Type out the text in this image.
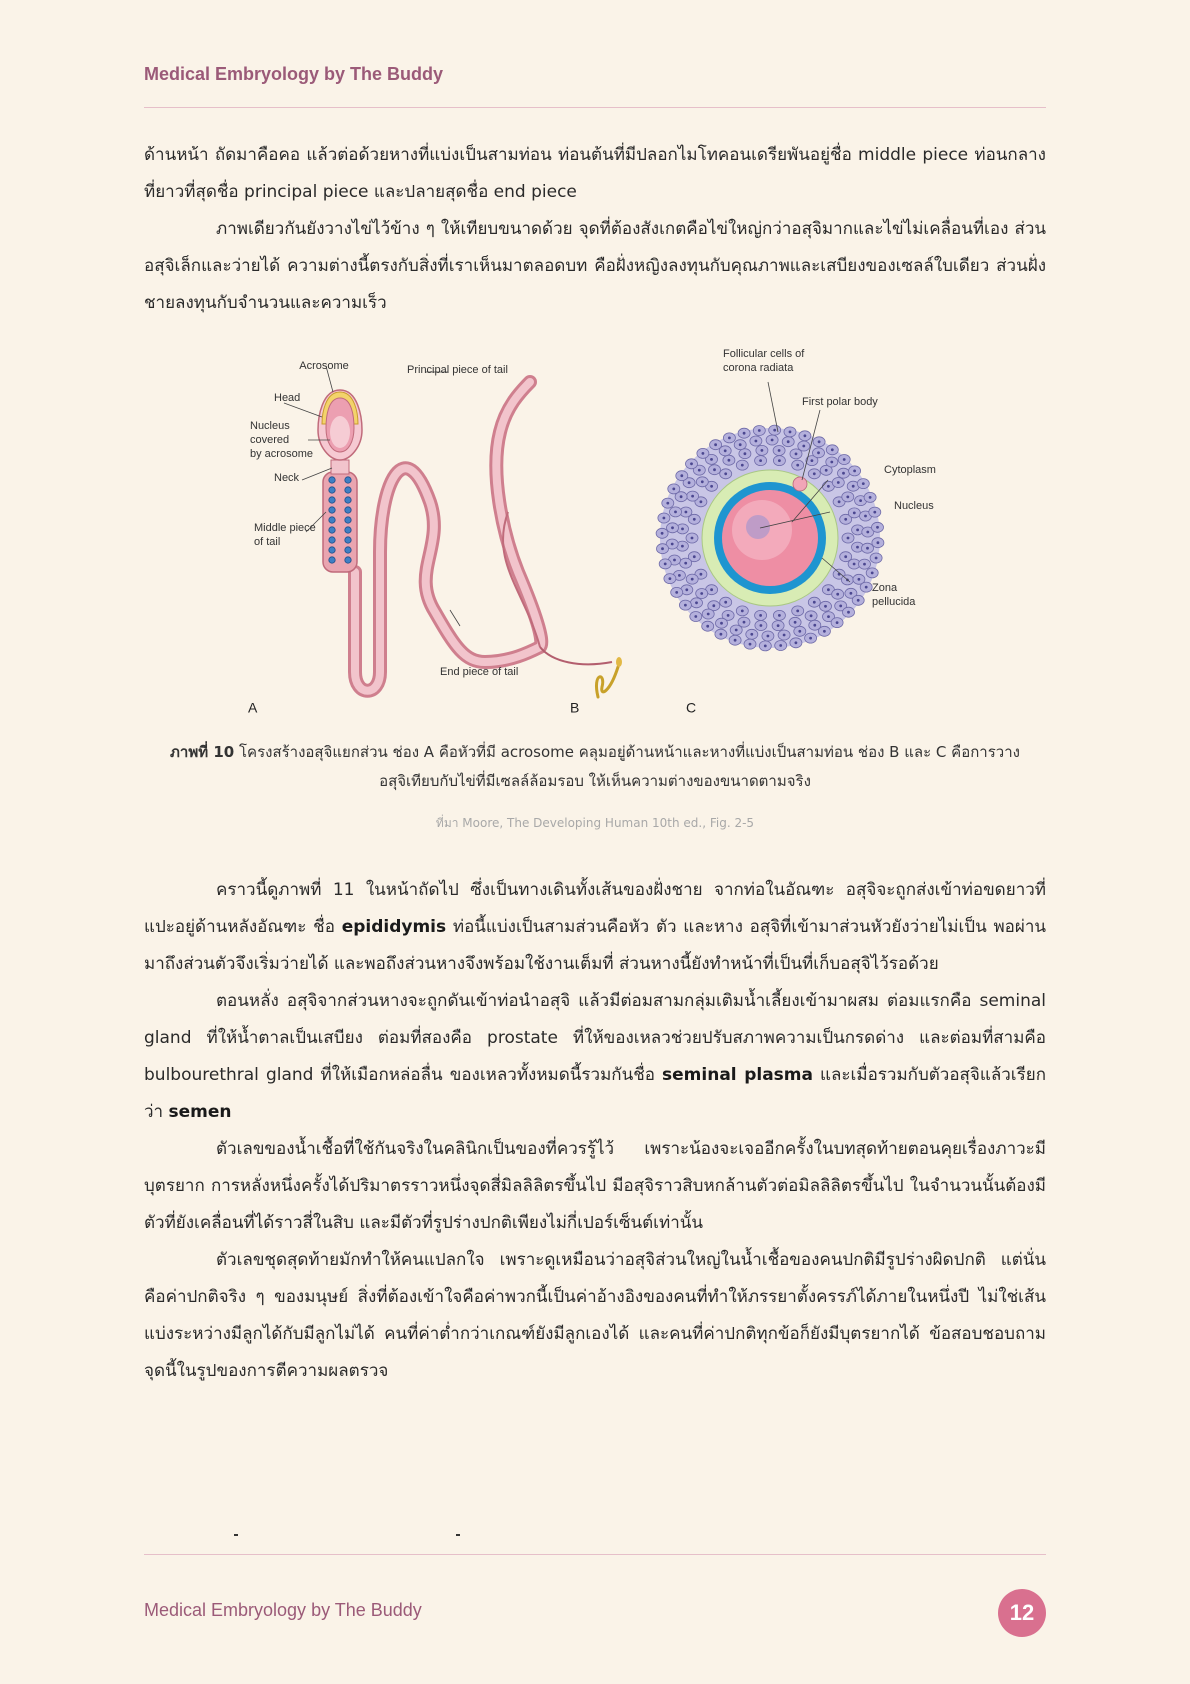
Medical Embryology by The Buddy

ด้านหน้า ถัดมาคือคอ แล้วต่อด้วยหางที่แบ่งเป็นสามท่อน ท่อนต้นที่มีปลอกไมโทคอนเดรียพันอยู่ชื่อ middle piece ท่อนกลางที่ยาวที่สุดชื่อ principal piece และปลายสุดชื่อ end piece

ภาพเดียวกันยังวางไข่ไว้ข้าง ๆ ให้เทียบขนาดด้วย จุดที่ต้องสังเกตคือไข่ใหญ่กว่าอสุจิมากและไข่ไม่เคลื่อนที่เอง ส่วนอสุจิเล็กและว่ายได้ ความต่างนี้ตรงกับสิ่งที่เราเห็นมาตลอดบท คือฝั่งหญิงลงทุนกับคุณภาพและเสบียงของเซลล์ใบเดียว ส่วนฝั่งชายลงทุนกับจำนวนและความเร็ว

Acrosome	Principal piece of tail
Head
Nucleus
covered
by acrosome
Neck
Middle piece
of tail
End piece of tail
A	B
Follicular cells of
corona radiata
First polar body
Cytoplasm
Nucleus
Zona
pellucida
C
ภาพที่ 10 โครงสร้างอสุจิแยกส่วน ช่อง A คือหัวที่มี acrosome คลุมอยู่ด้านหน้าและหางที่แบ่งเป็นสามท่อน ช่อง B และ C คือการวางอสุจิเทียบกับไข่ที่มีเซลล์ล้อมรอบ ให้เห็นความต่างของขนาดตามจริง
ที่มา Moore, The Developing Human 10th ed., Fig. 2-5

คราวนี้ดูภาพที่ 11 ในหน้าถัดไป ซึ่งเป็นทางเดินทั้งเส้นของฝั่งชาย จากท่อในอัณฑะ อสุจิจะถูกส่งเข้าท่อขดยาวที่แปะอยู่ด้านหลังอัณฑะ ชื่อ epididymis ท่อนี้แบ่งเป็นสามส่วนคือหัว ตัว และหาง อสุจิที่เข้ามาส่วนหัวยังว่ายไม่เป็น พอผ่านมาถึงส่วนตัวจึงเริ่มว่ายได้ และพอถึงส่วนหางจึงพร้อมใช้งานเต็มที่ ส่วนหางนี้ยังทำหน้าที่เป็นที่เก็บอสุจิไว้รอด้วย

ตอนหลั่ง อสุจิจากส่วนหางจะถูกดันเข้าท่อนำอสุจิ แล้วมีต่อมสามกลุ่มเติมน้ำเลี้ยงเข้ามาผสม ต่อมแรกคือ seminal gland ที่ให้น้ำตาลเป็นเสบียง ต่อมที่สองคือ prostate ที่ให้ของเหลวช่วยปรับสภาพความเป็นกรดด่าง และต่อมที่สามคือ bulbourethral gland ที่ให้เมือกหล่อลื่น ของเหลวทั้งหมดนี้รวมกันชื่อ seminal plasma และเมื่อรวมกับตัวอสุจิแล้วเรียกว่า semen

ตัวเลขของน้ำเชื้อที่ใช้กันจริงในคลินิกเป็นของที่ควรรู้ไว้ เพราะน้องจะเจออีกครั้งในบทสุดท้ายตอนคุยเรื่องภาวะมีบุตรยาก การหลั่งหนึ่งครั้งได้ปริมาตรราวหนึ่งจุดสี่มิลลิลิตรขึ้นไป มีอสุจิราวสิบหกล้านตัวต่อมิลลิลิตรขึ้นไป ในจำนวนนั้นต้องมีตัวที่ยังเคลื่อนที่ได้ราวสี่ในสิบ และมีตัวที่รูปร่างปกติเพียงไม่กี่เปอร์เซ็นต์เท่านั้น

ตัวเลขชุดสุดท้ายมักทำให้คนแปลกใจ เพราะดูเหมือนว่าอสุจิส่วนใหญ่ในน้ำเชื้อของคนปกติมีรูปร่างผิดปกติ แต่นั่นคือค่าปกติจริง ๆ ของมนุษย์ สิ่งที่ต้องเข้าใจคือค่าพวกนี้เป็นค่าอ้างอิงของคนที่ทำให้ภรรยาตั้งครรภ์ได้ภายในหนึ่งปี ไม่ใช่เส้นแบ่งระหว่างมีลูกได้กับมีลูกไม่ได้ คนที่ค่าต่ำกว่าเกณฑ์ยังมีลูกเองได้ และคนที่ค่าปกติทุกข้อก็ยังมีบุตรยากได้ ข้อสอบชอบถามจุดนี้ในรูปของการตีความผลตรวจ

Medical Embryology by The Buddy	12
